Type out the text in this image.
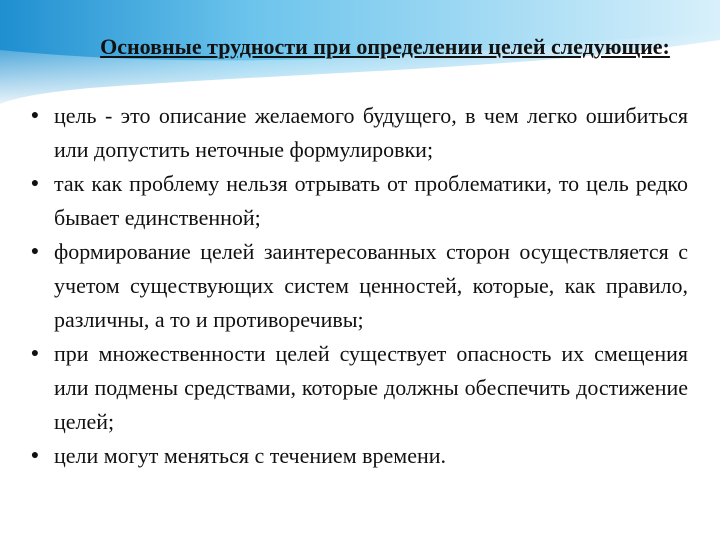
Основные трудности при определении целей следующие:
● цель - это описание желаемого будущего, в чем легко ошибиться или допустить неточные формулировки;
● так как проблему нельзя отрывать от проблематики, то цель редко бывает единственной;
● формирование целей заинтересованных сторон осуществляется с учетом существующих систем ценностей, которые, как правило, различны, а то и противоречивы;
● при множественности целей существует опасность их смещения или подмены средствами, которые должны обеспечить достижение целей;
● цели могут меняться с течением времени.
